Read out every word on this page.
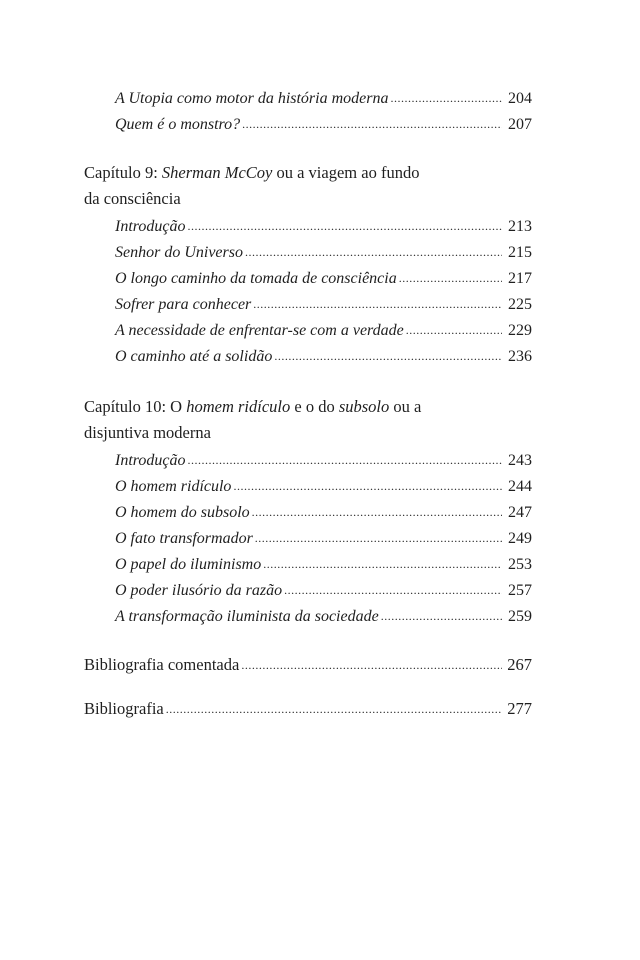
A Utopia como motor da história moderna .....	204
Quem é o monstro? .....	207
Capítulo 9: Sherman McCoy ou a viagem ao fundo
da consciência
Introdução .....	213
Senhor do Universo .....	215
O longo caminho da tomada de consciência .....	217
Sofrer para conhecer .....	225
A necessidade de enfrentar-se com a verdade .....	229
O caminho até a solidão .....	236
Capítulo 10: O homem ridículo e o do subsolo ou a
disjuntiva moderna
Introdução .....	243
O homem ridículo .....	244
O homem do subsolo .....	247
O fato transformador .....	249
O papel do iluminismo .....	253
O poder ilusório da razão .....	257
A transformação iluminista da sociedade .....	259
Bibliografia comentada .....	267
Bibliografia .....	277
